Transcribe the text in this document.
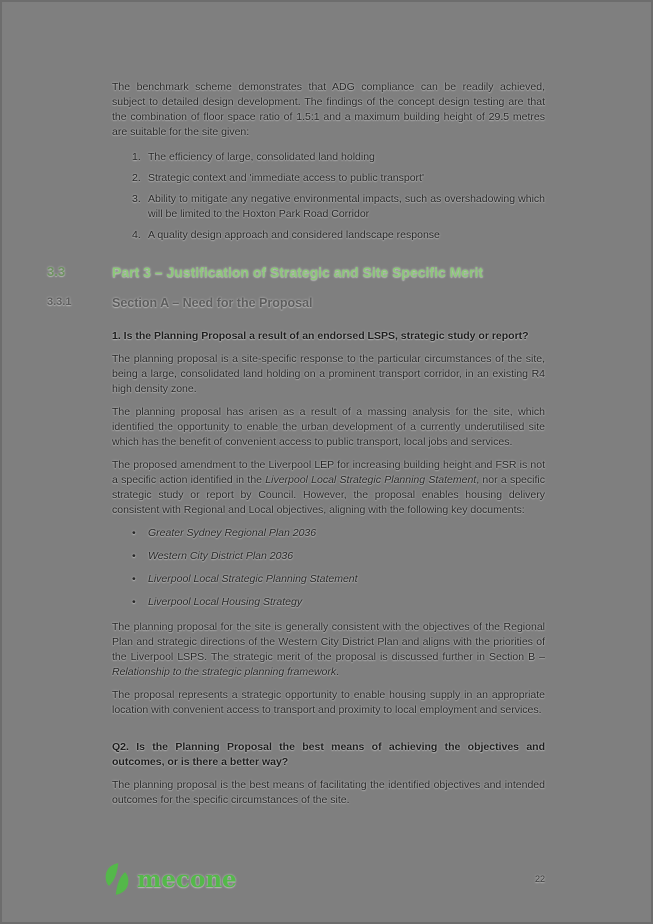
The benchmark scheme demonstrates that ADG compliance can be readily achieved, subject to detailed design development. The findings of the concept design testing are that the combination of floor space ratio of 1.5:1 and a maximum building height of 29.5 metres are suitable for the site given:

1. The efficiency of large, consolidated land holding
2. Strategic context and 'immediate access to public transport'
3. Ability to mitigate any negative environmental impacts, such as overshadowing which will be limited to the Hoxton Park Road Corridor
4. A quality design approach and considered landscape response
3.3	Part 3 – Justification of Strategic and Site Specific Merit
3.3.1	Section A – Need for the Proposal

1. Is the Planning Proposal a result of an endorsed LSPS, strategic study or report?

The planning proposal is a site-specific response to the particular circumstances of the site, being a large, consolidated land holding on a prominent transport corridor, in an existing R4 high density zone.

The planning proposal has arisen as a result of a massing analysis for the site, which identified the opportunity to enable the urban development of a currently underutilised site which has the benefit of convenient access to public transport, local jobs and services.

The proposed amendment to the Liverpool LEP for increasing building height and FSR is not a specific action identified in the Liverpool Local Strategic Planning Statement, nor a specific strategic study or report by Council. However, the proposal enables housing delivery consistent with Regional and Local objectives, aligning with the following key documents:

•	Greater Sydney Regional Plan 2036
•	Western City District Plan 2036
•	Liverpool Local Strategic Planning Statement
•	Liverpool Local Housing Strategy

The planning proposal for the site is generally consistent with the objectives of the Regional Plan and strategic directions of the Western City District Plan and aligns with the priorities of the Liverpool LSPS. The strategic merit of the proposal is discussed further in Section B – Relationship to the strategic planning framework.

The proposal represents a strategic opportunity to enable housing supply in an appropriate location with convenient access to transport and proximity to local employment and services.

Q2. Is the Planning Proposal the best means of achieving the objectives and outcomes, or is there a better way?

The planning proposal is the best means of facilitating the identified objectives and intended outcomes for the specific circumstances of the site.

mecone	22
